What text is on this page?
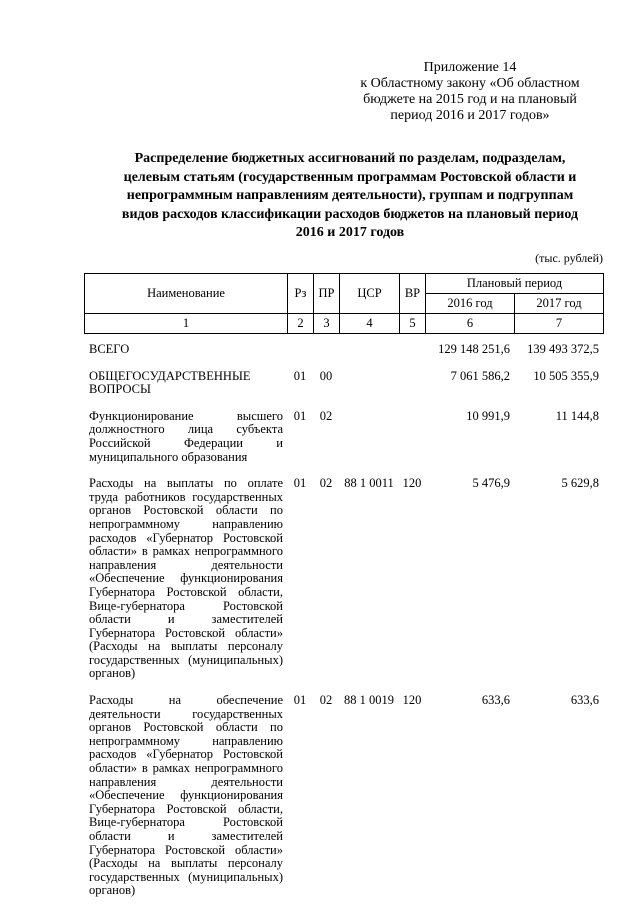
Приложение 14
к Областному закону «Об областном
бюджете на 2015 год и на плановый
период 2016 и 2017 годов»
Распределение бюджетных ассигнований по разделам, подразделам,
целевым статьям (государственным программам Ростовской области и
непрограммным направлениям деятельности), группам и подгруппам
видов расходов классификации расходов бюджетов на плановый период
2016 и 2017 годов
(тыс. рублей)
Наименование	Рз	ПР	ЦСР	ВР	Плановый период	
					2016 год	2017 год
1	2	3	4	5	6	7
ВСЕГО					129 148 251,6	139 493 372,5
ОБЩЕГОСУДАРСТВЕННЫЕ ВОПРОСЫ	01	00			7 061 586,2	10 505 355,9
Функционирование высшего должностного лица субъекта Российской Федерации и муниципального образования	01	02			10 991,9	11 144,8
Расходы на выплаты по оплате труда работников государственных органов Ростовской области по непрограммному направлению расходов «Губернатор Ростовской области» в рамках непрограммного направления деятельности «Обеспечение функционирования Губернатора Ростовской области, Вице-губернатора Ростовской области и заместителей Губернатора Ростовской области» (Расходы на выплаты персоналу государственных (муниципальных) органов)	01	02	88 1 0011	120	5 476,9	5 629,8
Расходы на обеспечение деятельности государственных органов Ростовской области по непрограммному направлению расходов «Губернатор Ростовской области» в рамках непрограммного направления деятельности «Обеспечение функционирования Губернатора Ростовской области, Вице-губернатора Ростовской области и заместителей Губернатора Ростовской области» (Расходы на выплаты персоналу государственных (муниципальных) органов)	01	02	88 1 0019	120	633,6	633,6
